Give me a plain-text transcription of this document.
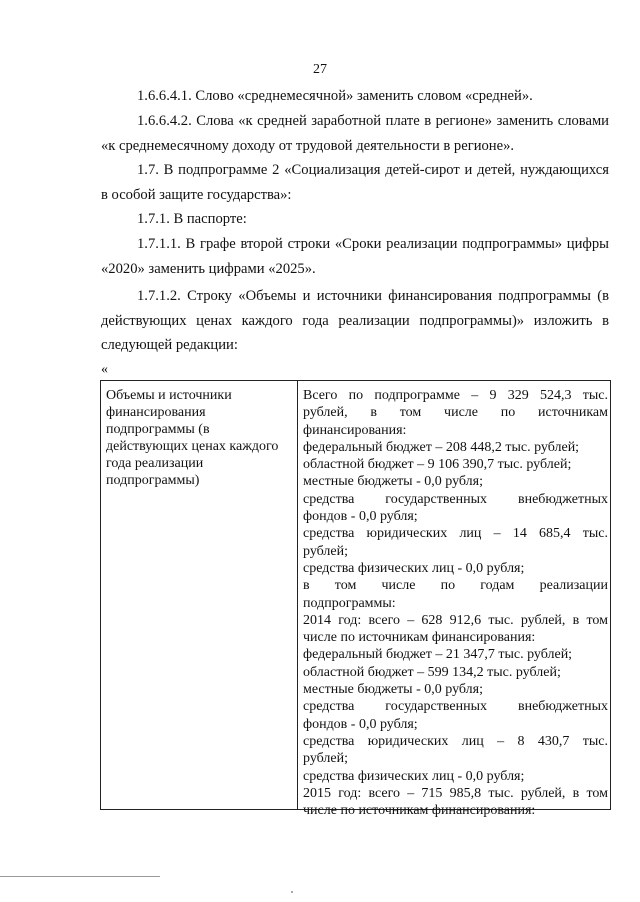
27

1.6.6.4.1. Слово «среднемесячной» заменить словом «средней».

1.6.6.4.2. Слова «к средней заработной плате в регионе» заменить словами «к среднемесячному доходу от трудовой деятельности в регионе».

1.7. В подпрограмме 2 «Социализация детей-сирот и детей, нуждающихся в особой защите государства»:

1.7.1. В паспорте:

1.7.1.1. В графе второй строки «Сроки реализации подпрограммы» цифры «2020» заменить цифрами «2025».

1.7.1.2. Строку «Объемы и источники финансирования подпрограммы (в действующих ценах каждого года реализации подпрограммы)» изложить в следующей редакции:

«
Объемы и источники финансирования подпрограммы (в действующих ценах каждого года реализации подпрограммы)
Всего по подпрограмме – 9 329 524,3 тыс.
рублей, в том числе по источникам
финансирования:
федеральный бюджет – 208 448,2 тыс. рублей;
областной бюджет – 9 106 390,7 тыс. рублей;
местные бюджеты - 0,0 рубля;
средства государственных внебюджетных
фондов - 0,0 рубля;
средства юридических лиц – 14 685,4 тыс.
рублей;
средства физических лиц - 0,0 рубля;
в том числе по годам реализации
подпрограммы:
2014 год: всего – 628 912,6 тыс. рублей, в том
числе по источникам финансирования:
федеральный бюджет – 21 347,7 тыс. рублей;
областной бюджет – 599 134,2 тыс. рублей;
местные бюджеты - 0,0 рубля;
средства государственных внебюджетных
фондов - 0,0 рубля;
средства юридических лиц – 8 430,7 тыс.
рублей;
средства физических лиц - 0,0 рубля;
2015 год: всего – 715 985,8 тыс. рублей, в том
числе по источникам финансирования:
